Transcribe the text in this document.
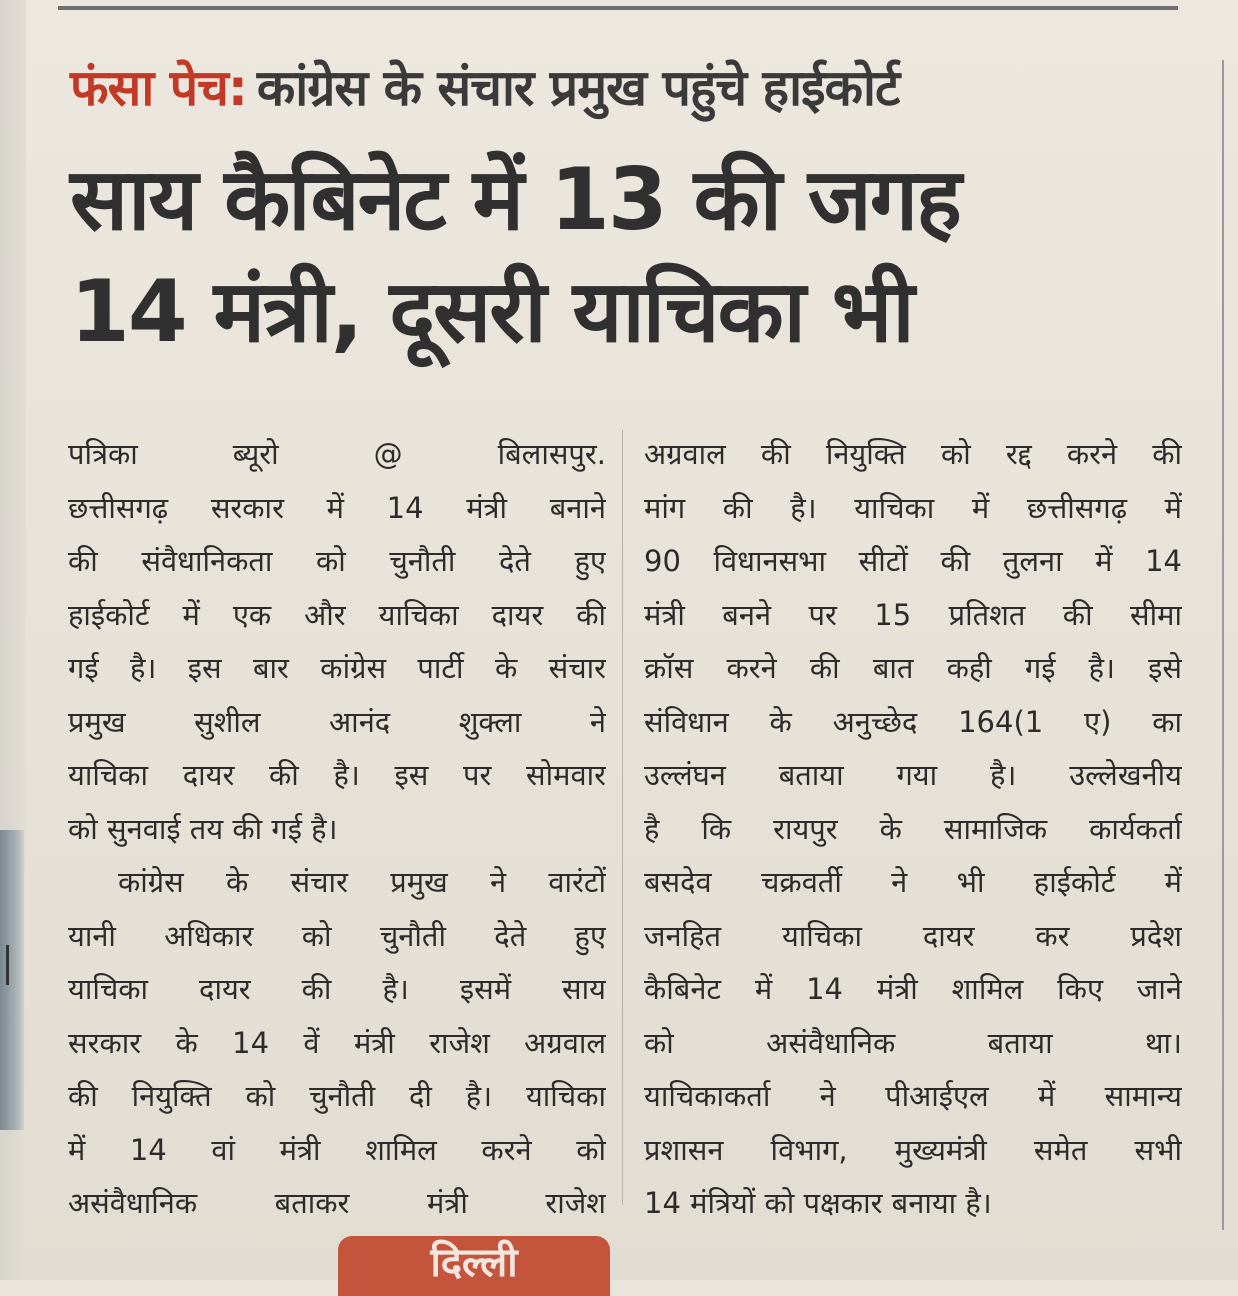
फंसा पेच: कांग्रेस के संचार प्रमुख पहुंचे हाईकोर्ट
साय कैबिनेट में 13 की जगह
14 मंत्री, दूसरी याचिका भी
पत्रिका ब्यूरो @ बिलासपुर.
छत्तीसगढ़ सरकार में 14 मंत्री बनाने
की संवैधानिकता को चुनौती देते हुए
हाईकोर्ट में एक और याचिका दायर की
गई है। इस बार कांग्रेस पार्टी के संचार
प्रमुख सुशील आनंद शुक्ला ने
याचिका दायर की है। इस पर सोमवार
को सुनवाई तय की गई है।
कांग्रेस के संचार प्रमुख ने वारंटों
यानी अधिकार को चुनौती देते हुए
याचिका दायर की है। इसमें साय
सरकार के 14 वें मंत्री राजेश अग्रवाल
की नियुक्ति को चुनौती दी है। याचिका
में 14 वां मंत्री शामिल करने को
असंवैधानिक बताकर मंत्री राजेश
अग्रवाल की नियुक्ति को रद्द करने की
मांग की है। याचिका में छत्तीसगढ़ में
90 विधानसभा सीटों की तुलना में 14
मंत्री बनने पर 15 प्रतिशत की सीमा
क्रॉस करने की बात कही गई है। इसे
संविधान के अनुच्छेद 164(1 ए) का
उल्लंघन बताया गया है। उल्लेखनीय
है कि रायपुर के सामाजिक कार्यकर्ता
बसदेव चक्रवर्ती ने भी हाईकोर्ट में
जनहित याचिका दायर कर प्रदेश
कैबिनेट में 14 मंत्री शामिल किए जाने
को असंवैधानिक बताया था।
याचिकाकर्ता ने पीआईएल में सामान्य
प्रशासन विभाग, मुख्यमंत्री समेत सभी
14 मंत्रियों को पक्षकार बनाया है।
दिल्ली
